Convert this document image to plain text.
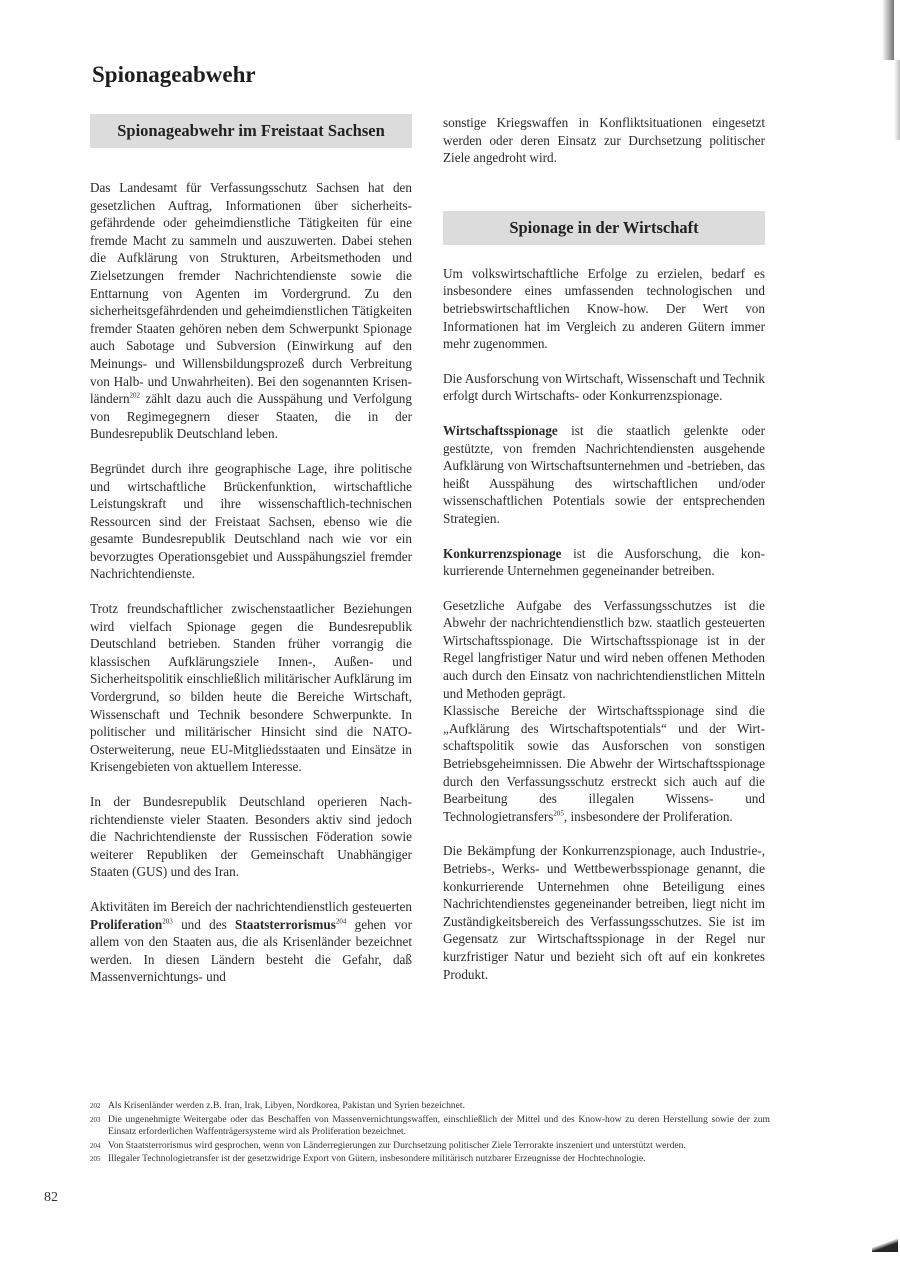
Spionageabwehr
Spionageabwehr im Freistaat Sachsen

Das Landesamt für Verfassungsschutz Sachsen hat den gesetzlichen Auftrag, Informationen über sicherheitsgefährdende oder geheimdienstliche Tätigkeiten für eine fremde Macht zu sammeln und auszuwerten. Dabei stehen die Aufklärung von Strukturen, Arbeitsmethoden und Zielsetzungen fremder Nachrichtendienste sowie die Enttarnung von Agenten im Vordergrund. Zu den sicherheitsgefährdenden und geheimdienstlichen Tätigkeiten fremder Staaten gehören neben dem Schwerpunkt Spionage auch Sabotage und Subversion (Einwirkung auf den Meinungs- und Willensbildungsprozeß durch Verbreitung von Halb- und Unwahrheiten). Bei den sogenannten Krisenländern$^{202}$ zählt dazu auch die Ausspähung und Verfolgung von Regimegegnern dieser Staaten, die in der Bundesrepublik Deutschland leben.

Begründet durch ihre geographische Lage, ihre politische und wirtschaftliche Brückenfunktion, wirtschaftliche Leistungskraft und ihre wissenschaftlich-technischen Ressourcen sind der Freistaat Sachsen, ebenso wie die gesamte Bundesrepublik Deutschland nach wie vor ein bevorzugtes Operationsgebiet und Ausspähungsziel fremder Nachrichtendienste.

Trotz freundschaftlicher zwischenstaatlicher Beziehungen wird vielfach Spionage gegen die Bundesrepublik Deutschland betrieben. Standen früher vorrangig die klassischen Aufklärungsziele Innen-, Außen- und Sicherheitspolitik einschließlich militärischer Aufklärung im Vordergrund, so bilden heute die Bereiche Wirtschaft, Wissenschaft und Technik besondere Schwerpunkte. In politischer und militärischer Hinsicht sind die NATO-Osterweiterung, neue EU-Mitgliedsstaaten und Einsätze in Krisengebieten von aktuellem Interesse.

In der Bundesrepublik Deutschland operieren Nachrichtendienste vieler Staaten. Besonders aktiv sind jedoch die Nachrichtendienste der Russischen Föderation sowie weiterer Republiken der Gemeinschaft Unabhängiger Staaten (GUS) und des Iran.

Aktivitäten im Bereich der nachrichtendienstlich gesteuerten Proliferation$^{203}$ und des Staatsterrorismus$^{204}$ gehen vor allem von den Staaten aus, die als Krisenländer bezeichnet werden. In diesen Ländern besteht die Gefahr, daß Massenvernichtungs- und

sonstige Kriegswaffen in Konfliktsituationen eingesetzt werden oder deren Einsatz zur Durchsetzung politischer Ziele angedroht wird.

Spionage in der Wirtschaft

Um volkswirtschaftliche Erfolge zu erzielen, bedarf es insbesondere eines umfassenden technologischen und betriebswirtschaftlichen Know-how. Der Wert von Informationen hat im Vergleich zu anderen Gütern immer mehr zugenommen.

Die Ausforschung von Wirtschaft, Wissenschaft und Technik erfolgt durch Wirtschafts- oder Konkurrenzspionage.

Wirtschaftsspionage ist die staatlich gelenkte oder gestützte, von fremden Nachrichtendiensten ausgehende Aufklärung von Wirtschaftsunternehmen und -betrieben, das heißt Ausspähung des wirtschaftlichen und/oder wissenschaftlichen Potentials sowie der entsprechenden Strategien.

Konkurrenzspionage ist die Ausforschung, die konkurrierende Unternehmen gegeneinander betreiben.

Gesetzliche Aufgabe des Verfassungsschutzes ist die Abwehr der nachrichtendienstlich bzw. staatlich gesteuerten Wirtschaftsspionage. Die Wirtschaftsspionage ist in der Regel langfristiger Natur und wird neben offenen Methoden auch durch den Einsatz von nachrichtendienstlichen Mitteln und Methoden geprägt.

Klassische Bereiche der Wirtschaftsspionage sind die „Aufklärung des Wirtschaftspotentials“ und der Wirtschaftspolitik sowie das Ausforschen von sonstigen Betriebsgeheimnissen. Die Abwehr der Wirtschaftsspionage durch den Verfassungsschutz erstreckt sich auch auf die Bearbeitung des illegalen Wissens- und Technologietransfers$^{205}$, insbesondere der Proliferation.

Die Bekämpfung der Konkurrenzspionage, auch Industrie-, Betriebs-, Werks- und Wettbewerbsspionage genannt, die konkurrierende Unternehmen ohne Beteiligung eines Nachrichtendienstes gegeneinander betreiben, liegt nicht im Zuständigkeitsbereich des Verfassungsschutzes. Sie ist im Gegensatz zur Wirtschaftsspionage in der Regel nur kurzfristiger Natur und bezieht sich oft auf ein konkretes Produkt.

202 Als Krisenländer werden z.B. Iran, Irak, Libyen, Nordkorea, Pakistan und Syrien bezeichnet.
203 Die ungenehmigte Weitergabe oder das Beschaffen von Massenvernichtungswaffen, einschließlich der Mittel und des Know-how zu deren Herstellung sowie der zum Einsatz erforderlichen Waffenträgersysteme wird als Proliferation bezeichnet.
204 Von Staatsterrorismus wird gesprochen, wenn von Länderregierungen zur Durchsetzung politischer Ziele Terrorakte inszeniert und unterstützt werden.
205 Illegaler Technologietransfer ist der gesetzwidrige Export von Gütern, insbesondere militärisch nutzbarer Erzeugnisse der Hochtechnologie.
82
